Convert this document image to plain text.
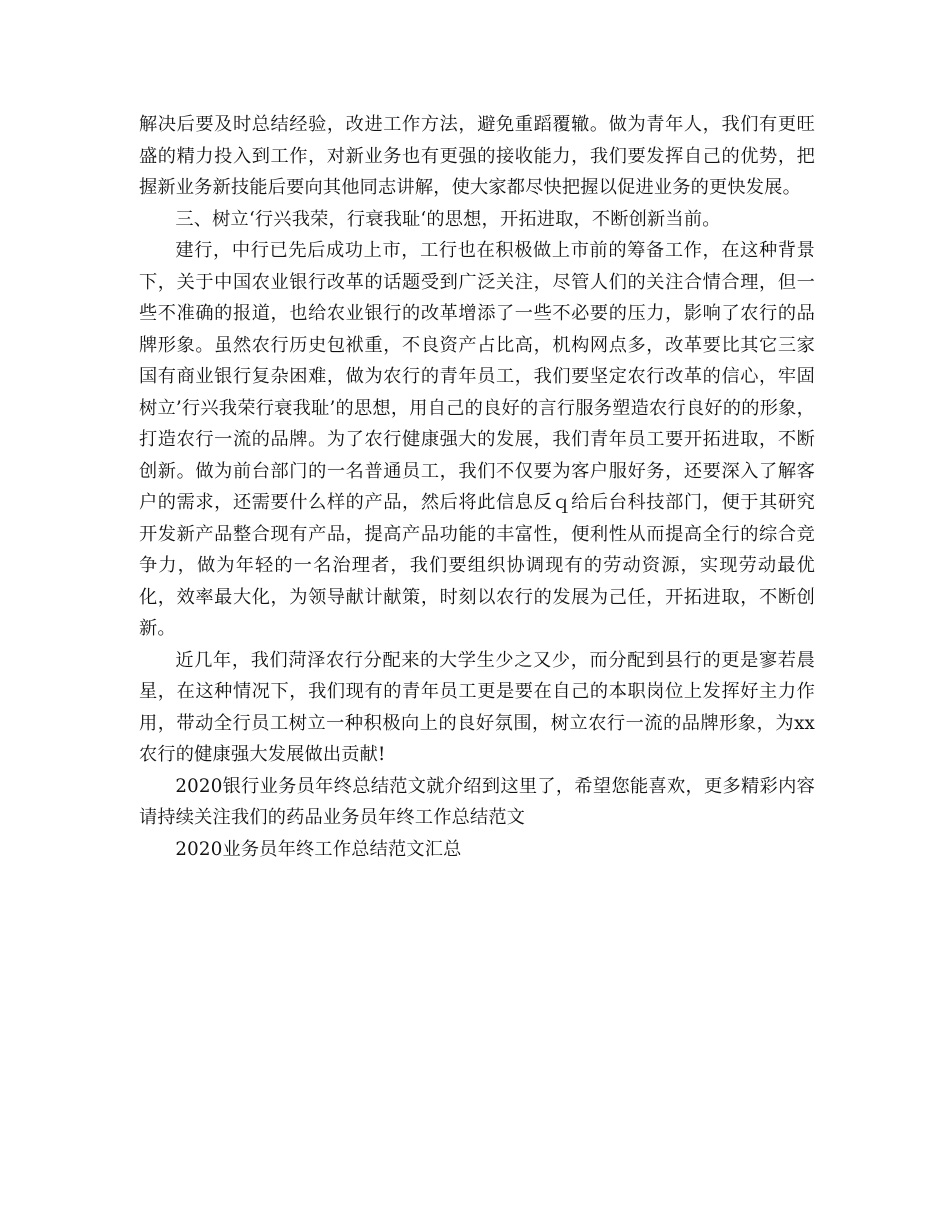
解决后要及时总结经验，改进工作方法，避免重蹈覆辙。做为青年人，我们有更旺盛的精力投入到工作，对新业务也有更强的接收能力，我们要发挥自己的优势，把握新业务新技能后要向其他同志讲解，使大家都尽快把握以促进业务的更快发展。

三、树立‘行兴我荣，行衰我耻‘的思想，开拓进取，不断创新当前。

建行，中行已先后成功上市，工行也在积极做上市前的筹备工作，在这种背景下，关于中国农业银行改革的话题受到广泛关注，尽管人们的关注合情合理，但一些不准确的报道，也给农业银行的改革增添了一些不必要的压力，影响了农行的品牌形象。虽然农行历史包袱重，不良资产占比高，机构网点多，改革要比其它三家国有商业银行复杂困难，做为农行的青年员工，我们要坚定农行改革的信心，牢固树立’行兴我荣行衰我耻’的思想，用自己的良好的言行服务塑造农行良好的的形象，打造农行一流的品牌。为了农行健康强大的发展，我们青年员工要开拓进取，不断创新。做为前台部门的一名普通员工，我们不仅要为客户服好务，还要深入了解客户的需求，还需要什么样的产品，然后将此信息反ｑ给后台科技部门，便于其研究开发新产品整合现有产品，提高产品功能的丰富性，便利性从而提高全行的综合竞争力，做为年轻的一名治理者，我们要组织协调现有的劳动资源，实现劳动最优化，效率最大化，为领导献计献策，时刻以农行的发展为己任，开拓进取，不断创新。

近几年，我们菏泽农行分配来的大学生少之又少，而分配到县行的更是寥若晨星，在这种情况下，我们现有的青年员工更是要在自己的本职岗位上发挥好主力作用，带动全行员工树立一种积极向上的良好氛围，树立农行一流的品牌形象，为xx农行的健康强大发展做出贡献!

2020银行业务员年终总结范文就介绍到这里了，希望您能喜欢，更多精彩内容请持续关注我们的药品业务员年终工作总结范文

2020业务员年终工作总结范文汇总
